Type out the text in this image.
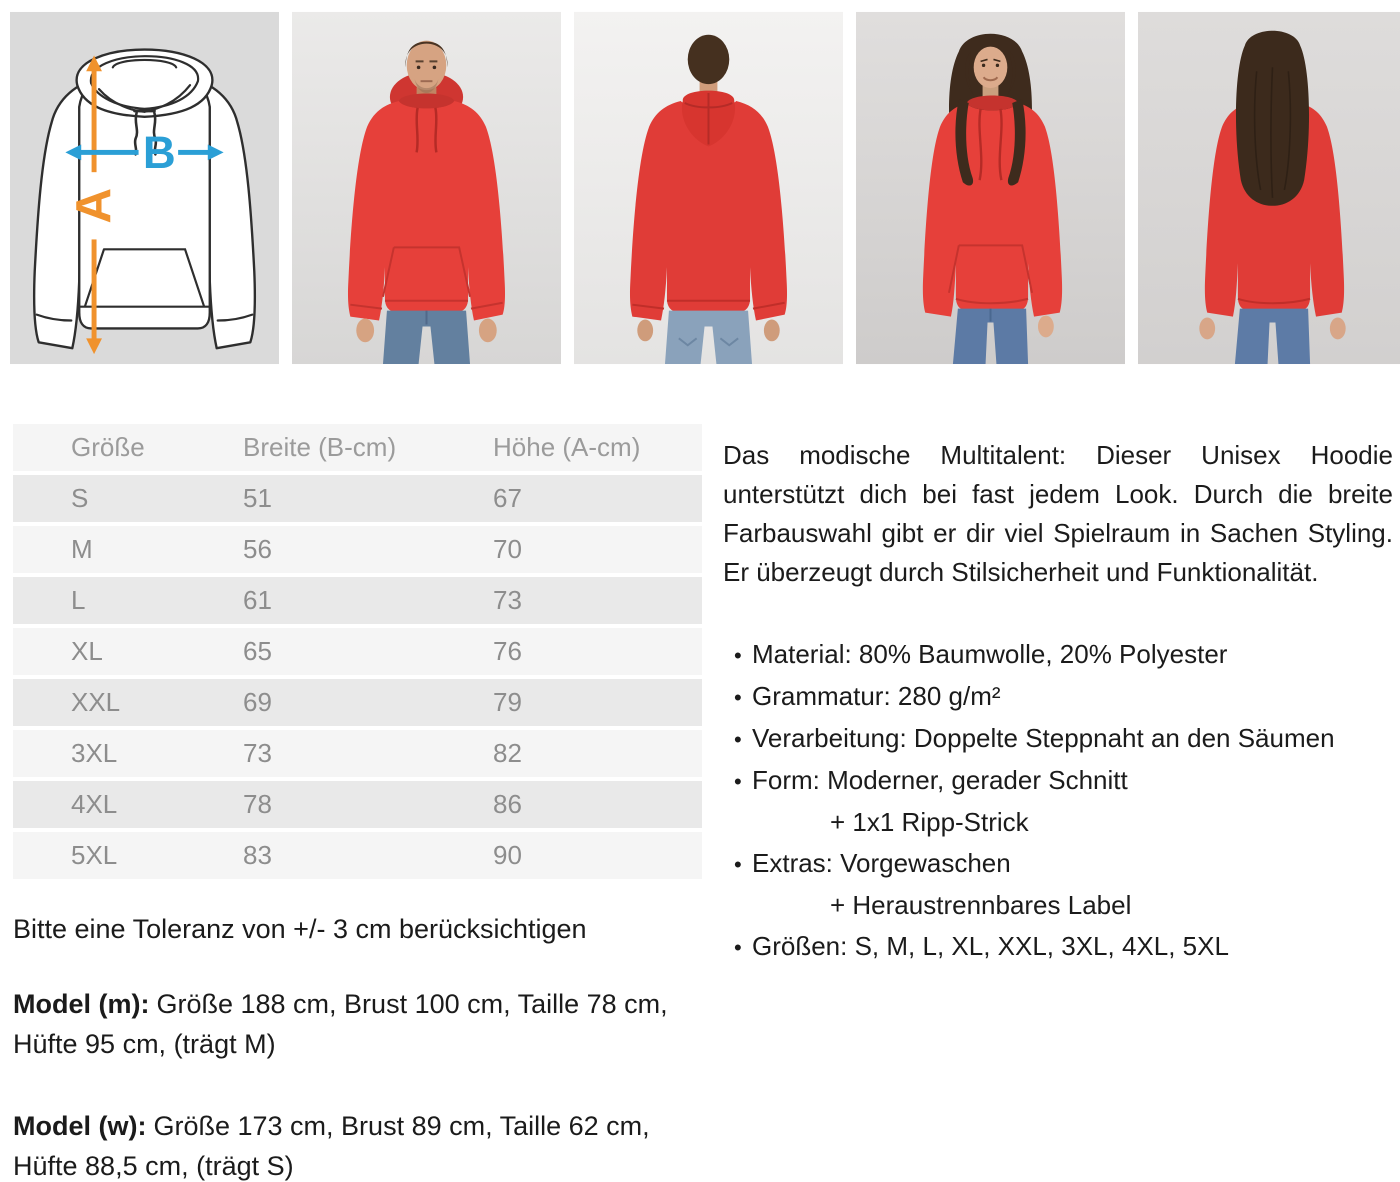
A
B
Größe	Breite (B-cm)	Höhe (A-cm)
S	51	67
M	56	70
L	61	73
XL	65	76
XXL	69	79
3XL	73	82
4XL	78	86
5XL	83	90
Bitte eine Toleranz von +/- 3 cm berücksichtigen
Model (m): Größe 188 cm, Brust 100 cm, Taille 78 cm, Hüfte 95 cm, (trägt M)
Model (w): Größe 173 cm, Brust 89 cm, Taille 62 cm, Hüfte 88,5 cm, (trägt S)

Das modische Multitalent: Dieser Unisex Hoodie unterstützt dich bei fast jedem Look. Durch die breite Farbauswahl gibt er dir viel Spielraum in Sachen Styling. Er überzeugt durch Stilsicherheit und Funktionalität.

•
Material: 80% Baumwolle, 20% Polyester
•
Grammatur: 280 g/m²
•
Verarbeitung: Doppelte Steppnaht an den Säumen
•
Form: Moderner, gerader Schnitt
+ 1x1 Ripp-Strick
•
Extras: Vorgewaschen
+ Heraustrennbares Label
•
Größen: S, M, L, XL, XXL, 3XL, 4XL, 5XL
